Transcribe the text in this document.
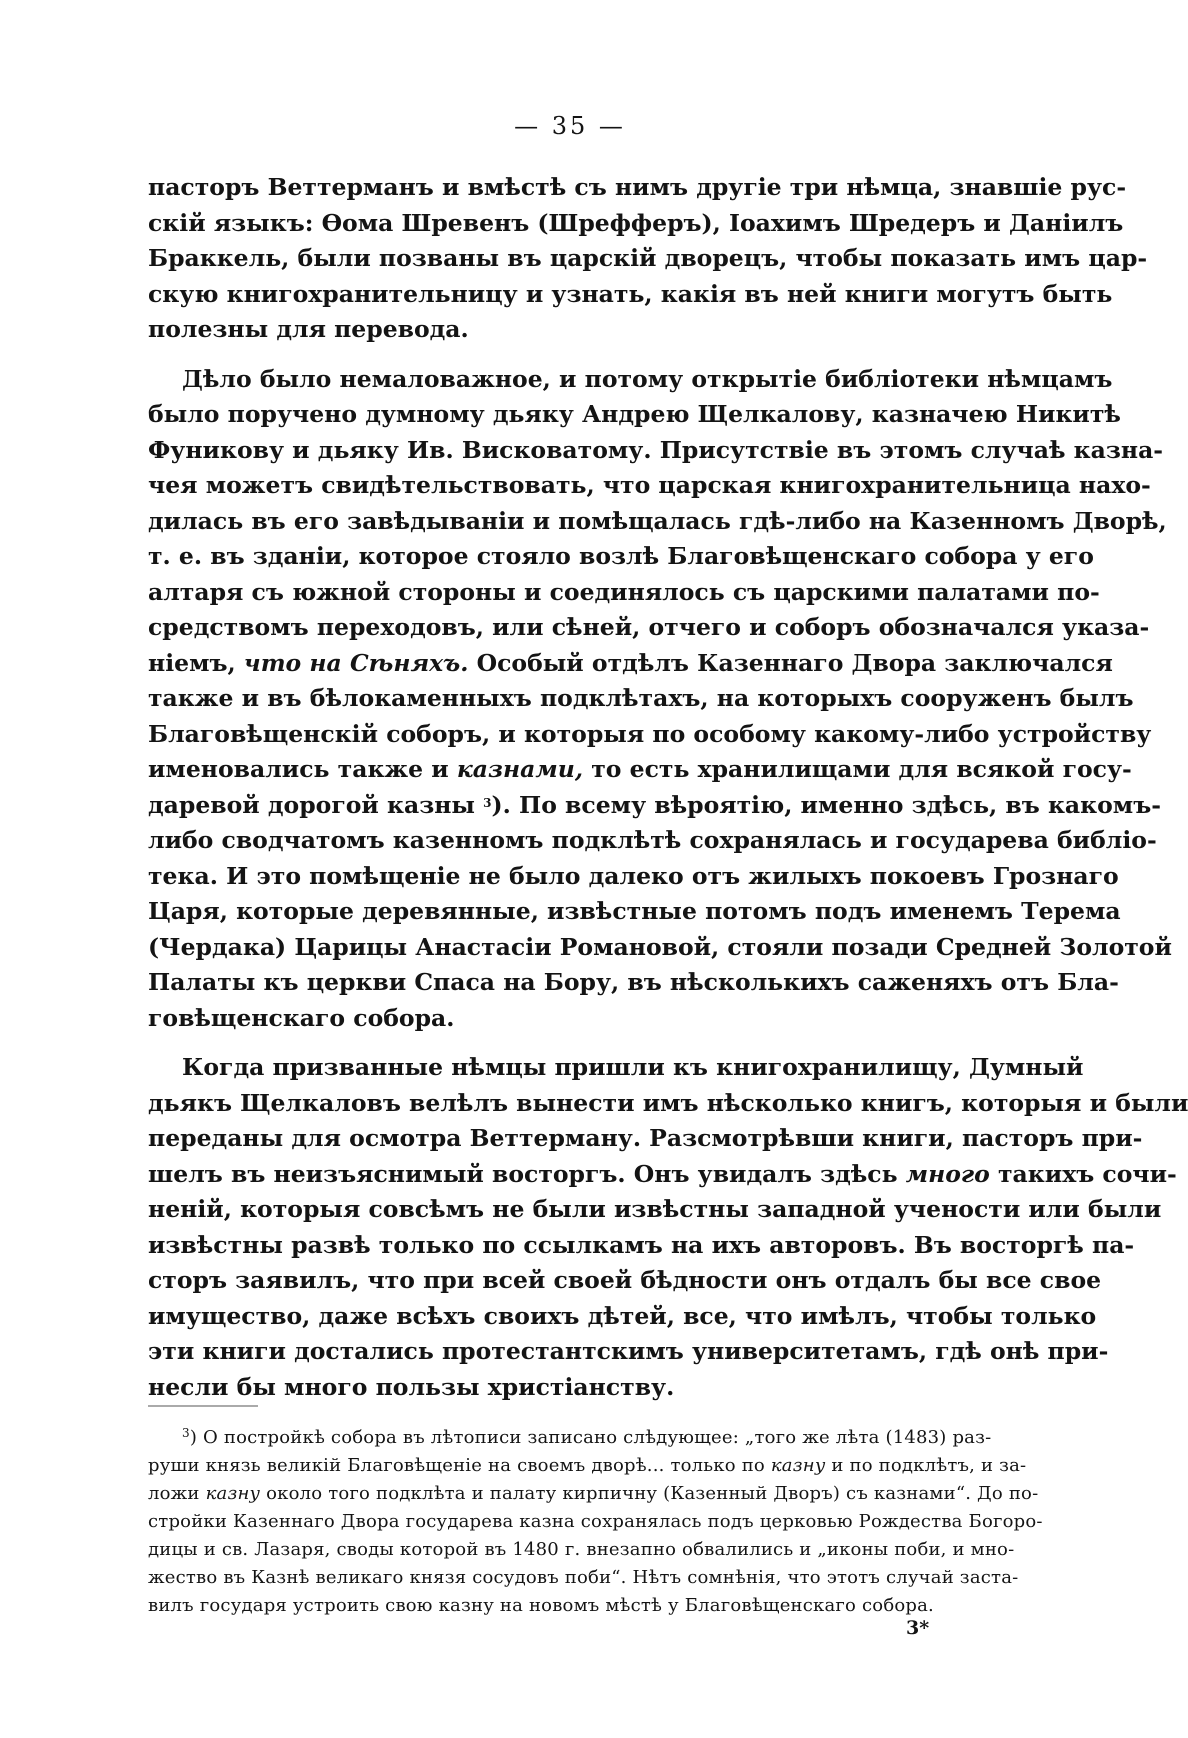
— 35 —

пасторъ Веттерманъ и вмѣстѣ съ нимъ другіе три нѣмца, знавшіе рус-
скій языкъ: Ѳома Шревенъ (Шрефферъ), Іоахимъ Шредеръ и Даніилъ
Браккель, были позваны въ царскій дворецъ, чтобы показать имъ цар-
скую книгохранительницу и узнать, какія въ ней книги могутъ быть
полезны для перевода.

Дѣло было немаловажное, и потому открытіе библіотеки нѣмцамъ
было поручено думному дьяку Андрею Щелкалову, казначею Никитѣ
Фуникову и дьяку Ив. Висковатому. Присутствіе въ этомъ случаѣ казна-
чея можетъ свидѣтельствовать, что царская книгохранительница нахо-
дилась въ его завѣдываніи и помѣщалась гдѣ-либо на Казенномъ Дворѣ,
т. е. въ зданіи, которое стояло возлѣ Благовѣщенскаго собора у его
алтаря съ южной стороны и соединялось съ царскими палатами по-
средствомъ переходовъ, или сѣней, отчего и соборъ обозначался указа-
ніемъ, что на Сѣняхъ. Особый отдѣлъ Казеннаго Двора заключался
также и въ бѣлокаменныхъ подклѣтахъ, на которыхъ сооруженъ былъ
Благовѣщенскій соборъ, и которыя по особому какому-либо устройству
именовались также и казнами, то есть хранилищами для всякой госу-
даревой дорогой казны $^3$). По всему вѣроятію, именно здѣсь, въ какомъ-
либо сводчатомъ казенномъ подклѣтѣ сохранялась и государева библіо-
тека. И это помѣщеніе не было далеко отъ жилыхъ покоевъ Грознаго
Царя, которые деревянные, извѣстные потомъ подъ именемъ Терема
(Чердака) Царицы Анастасіи Романовой, стояли позади Средней Золотой
Палаты къ церкви Спаса на Бору, въ нѣсколькихъ саженяхъ отъ Бла-
говѣщенскаго собора.

Когда призванные нѣмцы пришли къ книгохранилищу, Думный
дьякъ Щелкаловъ велѣлъ вынести имъ нѣсколько книгъ, которыя и были
переданы для осмотра Веттерману. Разсмотрѣвши книги, пасторъ при-
шелъ въ неизъяснимый восторгъ. Онъ увидалъ здѣсь много такихъ сочи-
неній, которыя совсѣмъ не были извѣстны западной учености или были
извѣстны развѣ только по ссылкамъ на ихъ авторовъ. Въ восторгѣ па-
сторъ заявилъ, что при всей своей бѣдности онъ отдалъ бы все свое
имущество, даже всѣхъ своихъ дѣтей, все, что имѣлъ, чтобы только
эти книги достались протестантскимъ университетамъ, гдѣ онѣ при-
несли бы много пользы христіанству.

$^3$) О постройкѣ собора въ лѣтописи записано слѣдующее: „того же лѣта (1483) раз-
руши князь великій Благовѣщеніе на своемъ дворѣ... только по казну и по подклѣтъ, и за-
ложи казну около того подклѣта и палату кирпичну (Казенный Дворъ) съ казнами“. До по-
стройки Казеннаго Двора государева казна сохранялась подъ церковью Рождества Богоро-
дицы и св. Лазаря, своды которой въ 1480 г. внезапно обвалились и „иконы поби, и мно-
жество въ Казнѣ великаго князя сосудовъ поби“. Нѣтъ сомнѣнія, что этотъ случай заста-
вилъ государя устроить свою казну на новомъ мѣстѣ у Благовѣщенскаго собора.
3*
